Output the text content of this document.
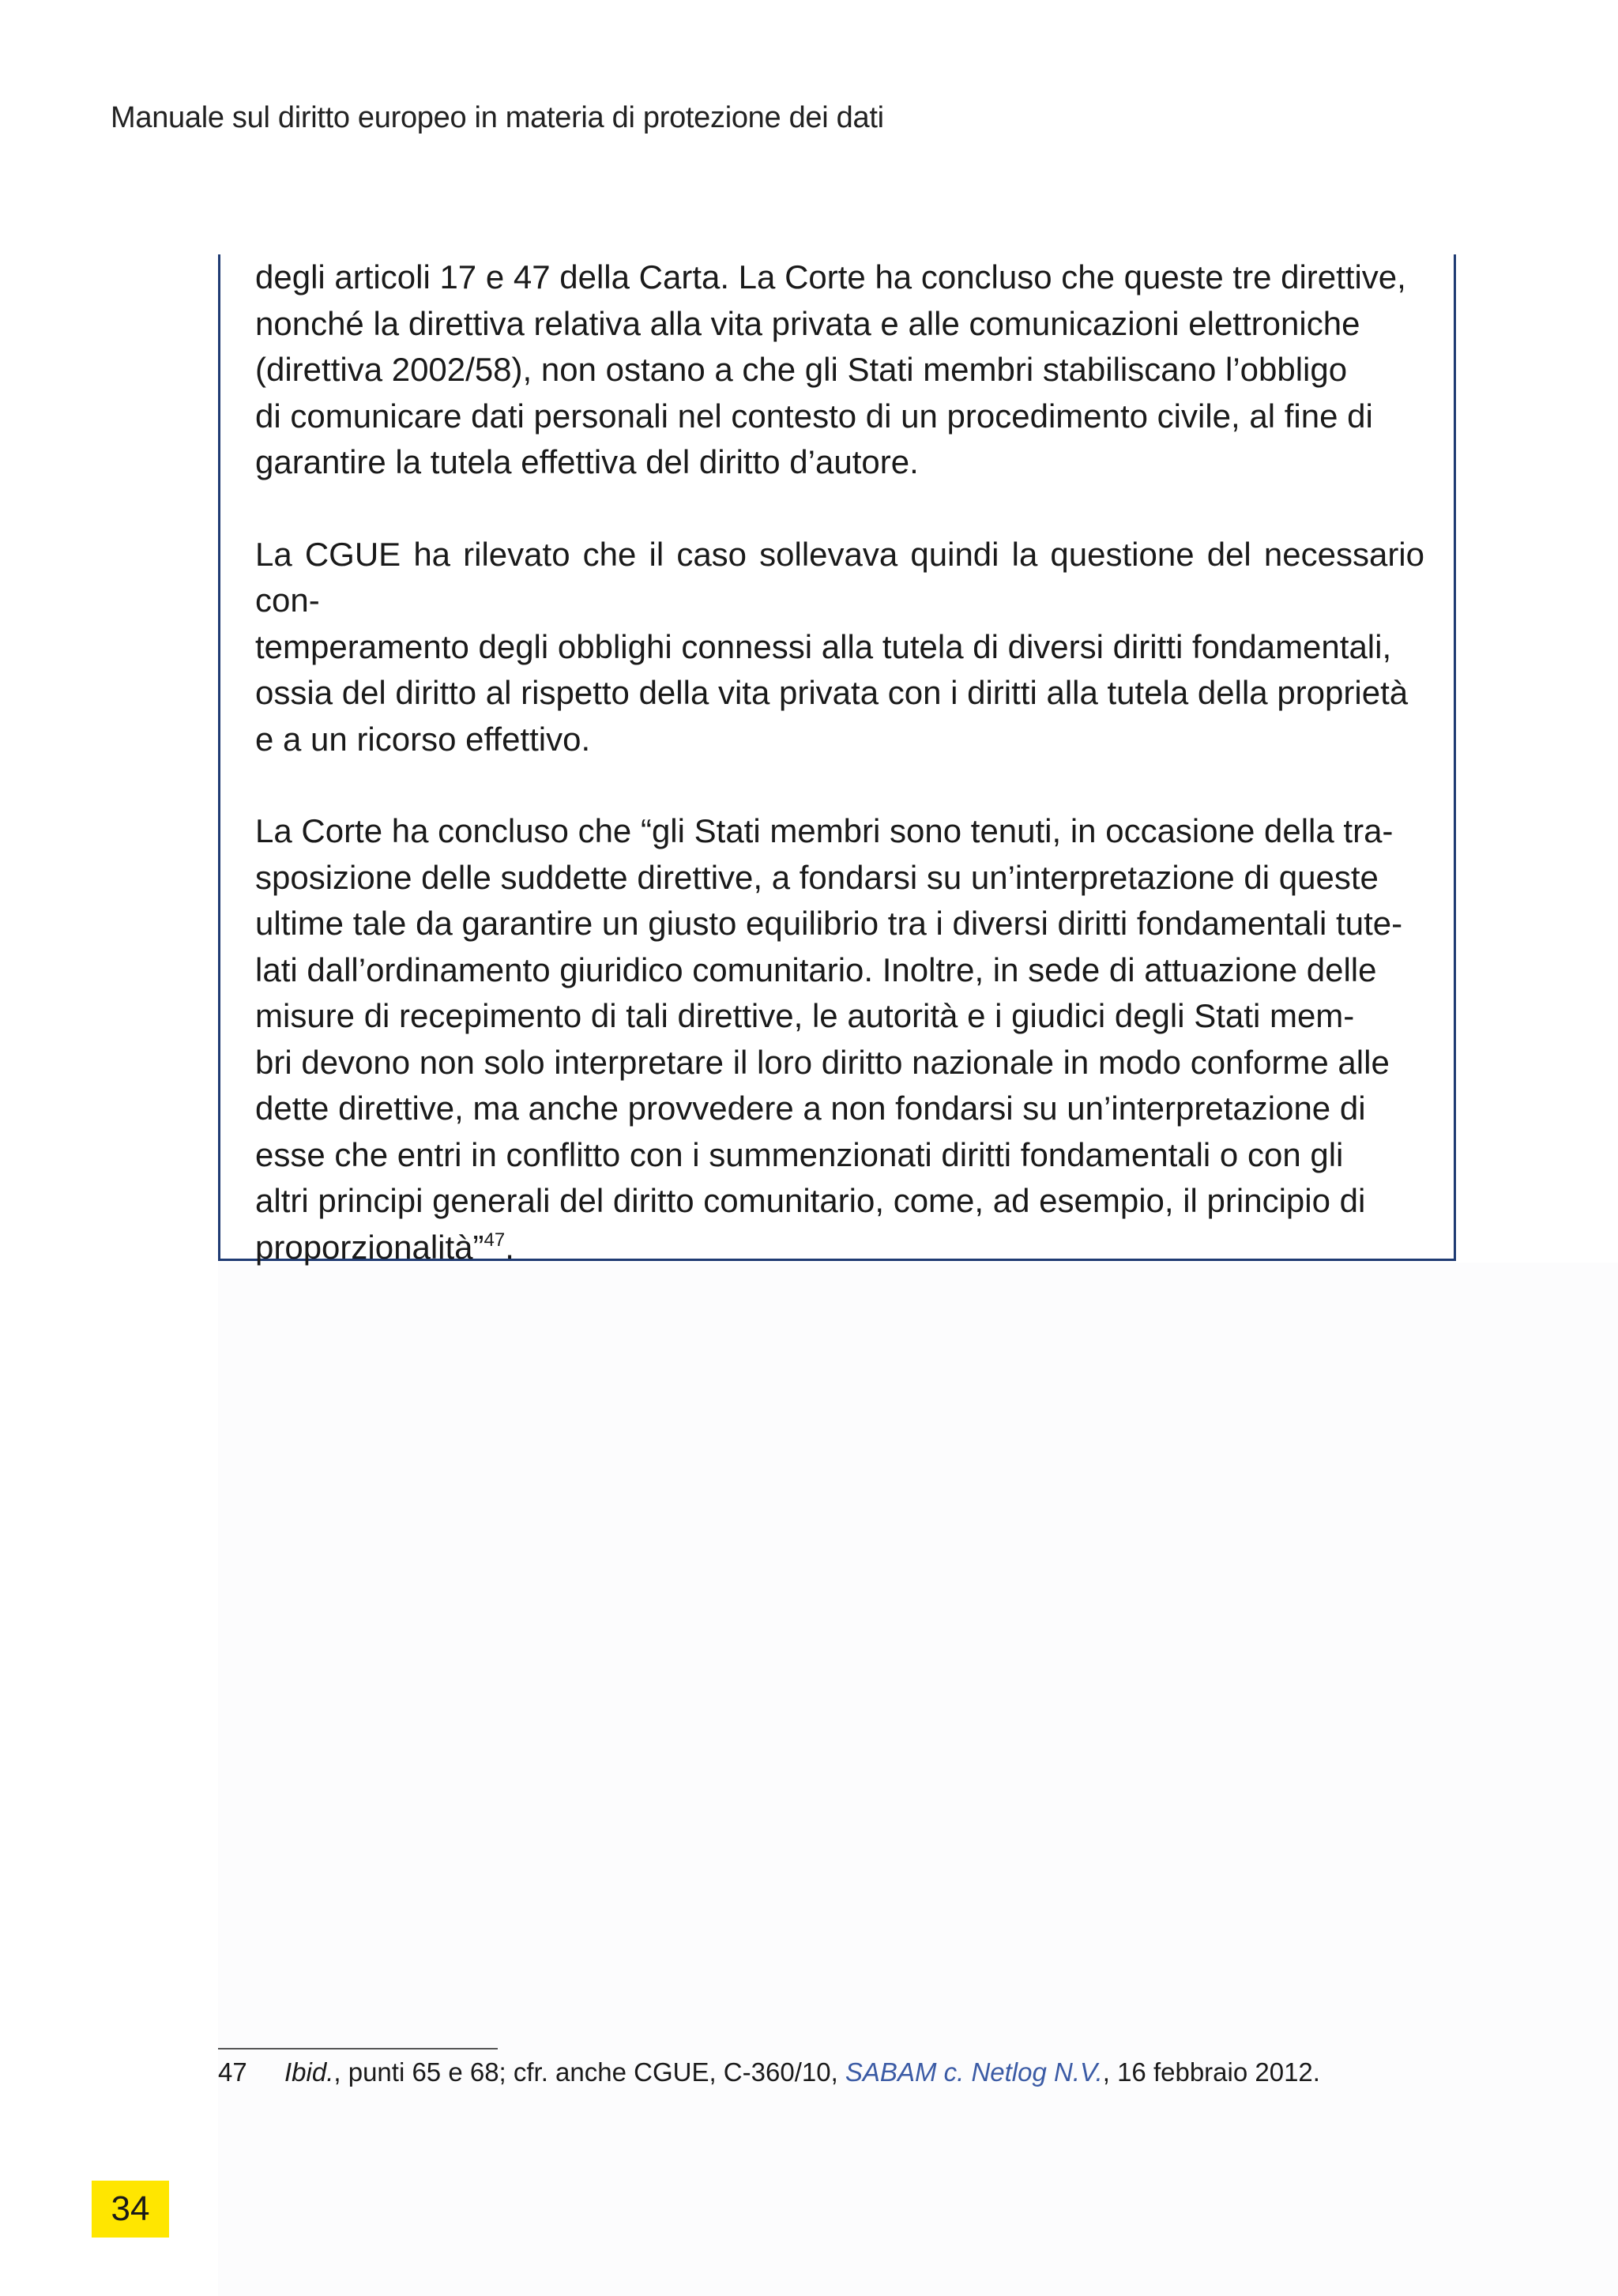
Manuale sul diritto europeo in materia di protezione dei dati

degli articoli 17 e 47 della Carta. La Corte ha concluso che queste tre direttive,
nonché la direttiva relativa alla vita privata e alle comunicazioni elettroniche
(direttiva 2002/58), non ostano a che gli Stati membri stabiliscano l’obbligo
di comunicare dati personali nel contesto di un procedimento civile, al fine di
garantire la tutela effettiva del diritto d’autore.

La CGUE ha rilevato che il caso sollevava quindi la questione del necessario con-
temperamento degli obblighi connessi alla tutela di diversi diritti fondamentali,
ossia del diritto al rispetto della vita privata con i diritti alla tutela della proprietà
e a un ricorso effettivo.

La Corte ha concluso che “gli Stati membri sono tenuti, in occasione della tra-
sposizione delle suddette direttive, a fondarsi su un’interpretazione di queste
ultime tale da garantire un giusto equilibrio tra i diversi diritti fondamentali tute-
lati dall’ordinamento giuridico comunitario. Inoltre, in sede di attuazione delle
misure di recepimento di tali direttive, le autorità e i giudici degli Stati mem-
bri devono non solo interpretare il loro diritto nazionale in modo conforme alle
dette direttive, ma anche provvedere a non fondarsi su un’interpretazione di
esse che entri in conflitto con i summenzionati diritti fondamentali o con gli
altri principi generali del diritto comunitario, come, ad esempio, il principio di
proporzionalità”$^{47}$.

47 Ibid., punti 65 e 68; cfr. anche CGUE, C-360/10, SABAM c. Netlog N.V., 16 febbraio 2012.
34
